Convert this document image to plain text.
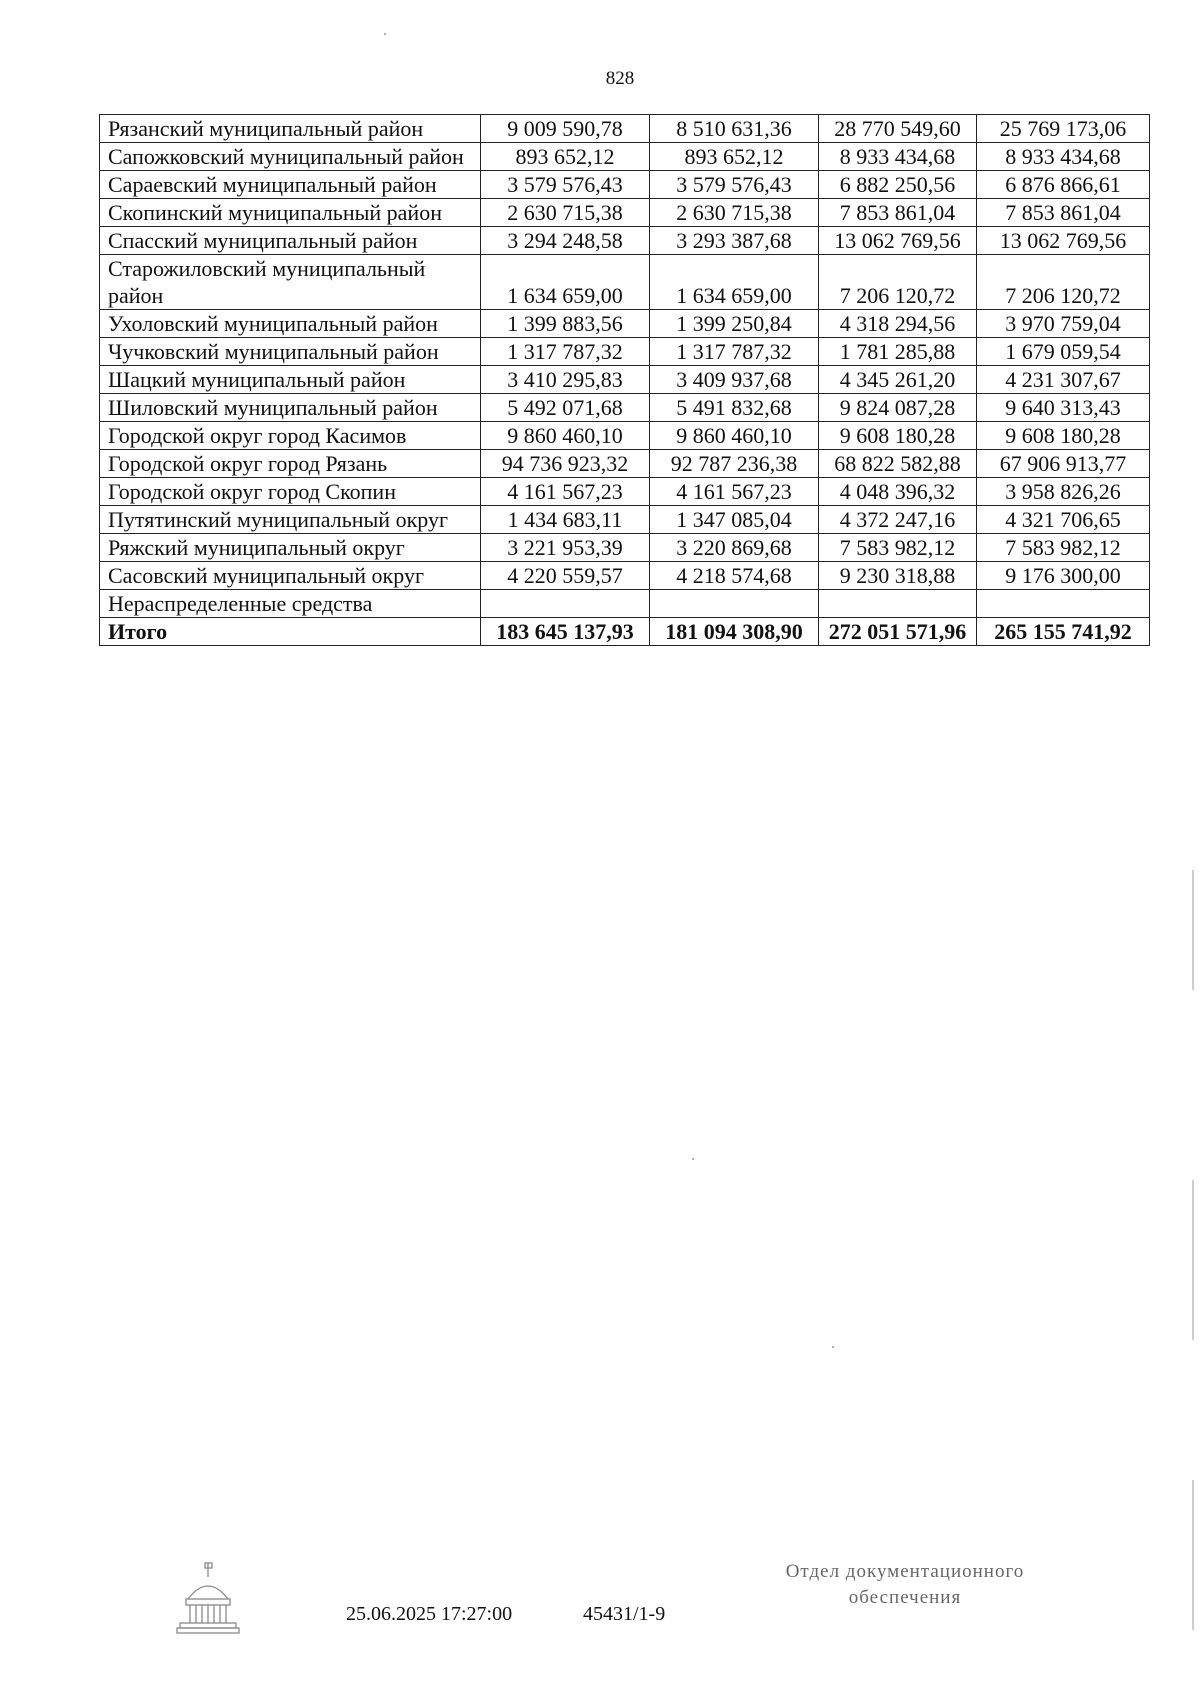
828
Рязанский муниципальный район	9 009 590,78	8 510 631,36	28 770 549,60	25 769 173,06
Сапожковский муниципальный район	893 652,12	893 652,12	8 933 434,68	8 933 434,68
Сараевский муниципальный район	3 579 576,43	3 579 576,43	6 882 250,56	6 876 866,61
Скопинский муниципальный район	2 630 715,38	2 630 715,38	7 853 861,04	7 853 861,04
Спасский муниципальный район	3 294 248,58	3 293 387,68	13 062 769,56	13 062 769,56
Старожиловский муниципальный район	1 634 659,00	1 634 659,00	7 206 120,72	7 206 120,72
Ухоловский муниципальный район	1 399 883,56	1 399 250,84	4 318 294,56	3 970 759,04
Чучковский муниципальный район	1 317 787,32	1 317 787,32	1 781 285,88	1 679 059,54
Шацкий муниципальный район	3 410 295,83	3 409 937,68	4 345 261,20	4 231 307,67
Шиловский муниципальный район	5 492 071,68	5 491 832,68	9 824 087,28	9 640 313,43
Городской округ город Касимов	9 860 460,10	9 860 460,10	9 608 180,28	9 608 180,28
Городской округ город Рязань	94 736 923,32	92 787 236,38	68 822 582,88	67 906 913,77
Городской округ город Скопин	4 161 567,23	4 161 567,23	4 048 396,32	3 958 826,26
Путятинский муниципальный округ	1 434 683,11	1 347 085,04	4 372 247,16	4 321 706,65
Ряжский муниципальный округ	3 221 953,39	3 220 869,68	7 583 982,12	7 583 982,12
Сасовский муниципальный округ	4 220 559,57	4 218 574,68	9 230 318,88	9 176 300,00
Нераспределенные средства				
Итого	183 645 137,93	181 094 308,90	272 051 571,96	265 155 741,92
25.06.2025 17:27:00	45431/1-9
Отдел документационного
обеспечения
